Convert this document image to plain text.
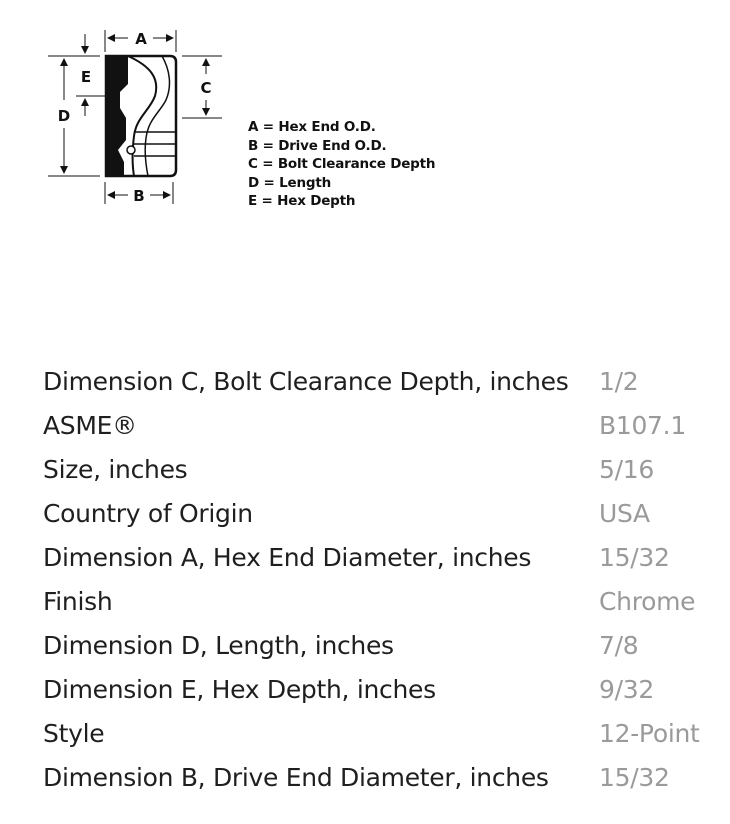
A
B
C
D
E
A = Hex End O.D.
B = Drive End O.D.
C = Bolt Clearance Depth
D = Length
E = Hex Depth
Dimension C, Bolt Clearance Depth, inches 1/2
ASME®	B107.1
Size, inches	5/16
Country of Origin	USA
Dimension A, Hex End Diameter, inches	15/32
Finish	Chrome
Dimension D, Length, inches	7/8
Dimension E, Hex Depth, inches	9/32
Style	12-Point
Dimension B, Drive End Diameter, inches 15/32
